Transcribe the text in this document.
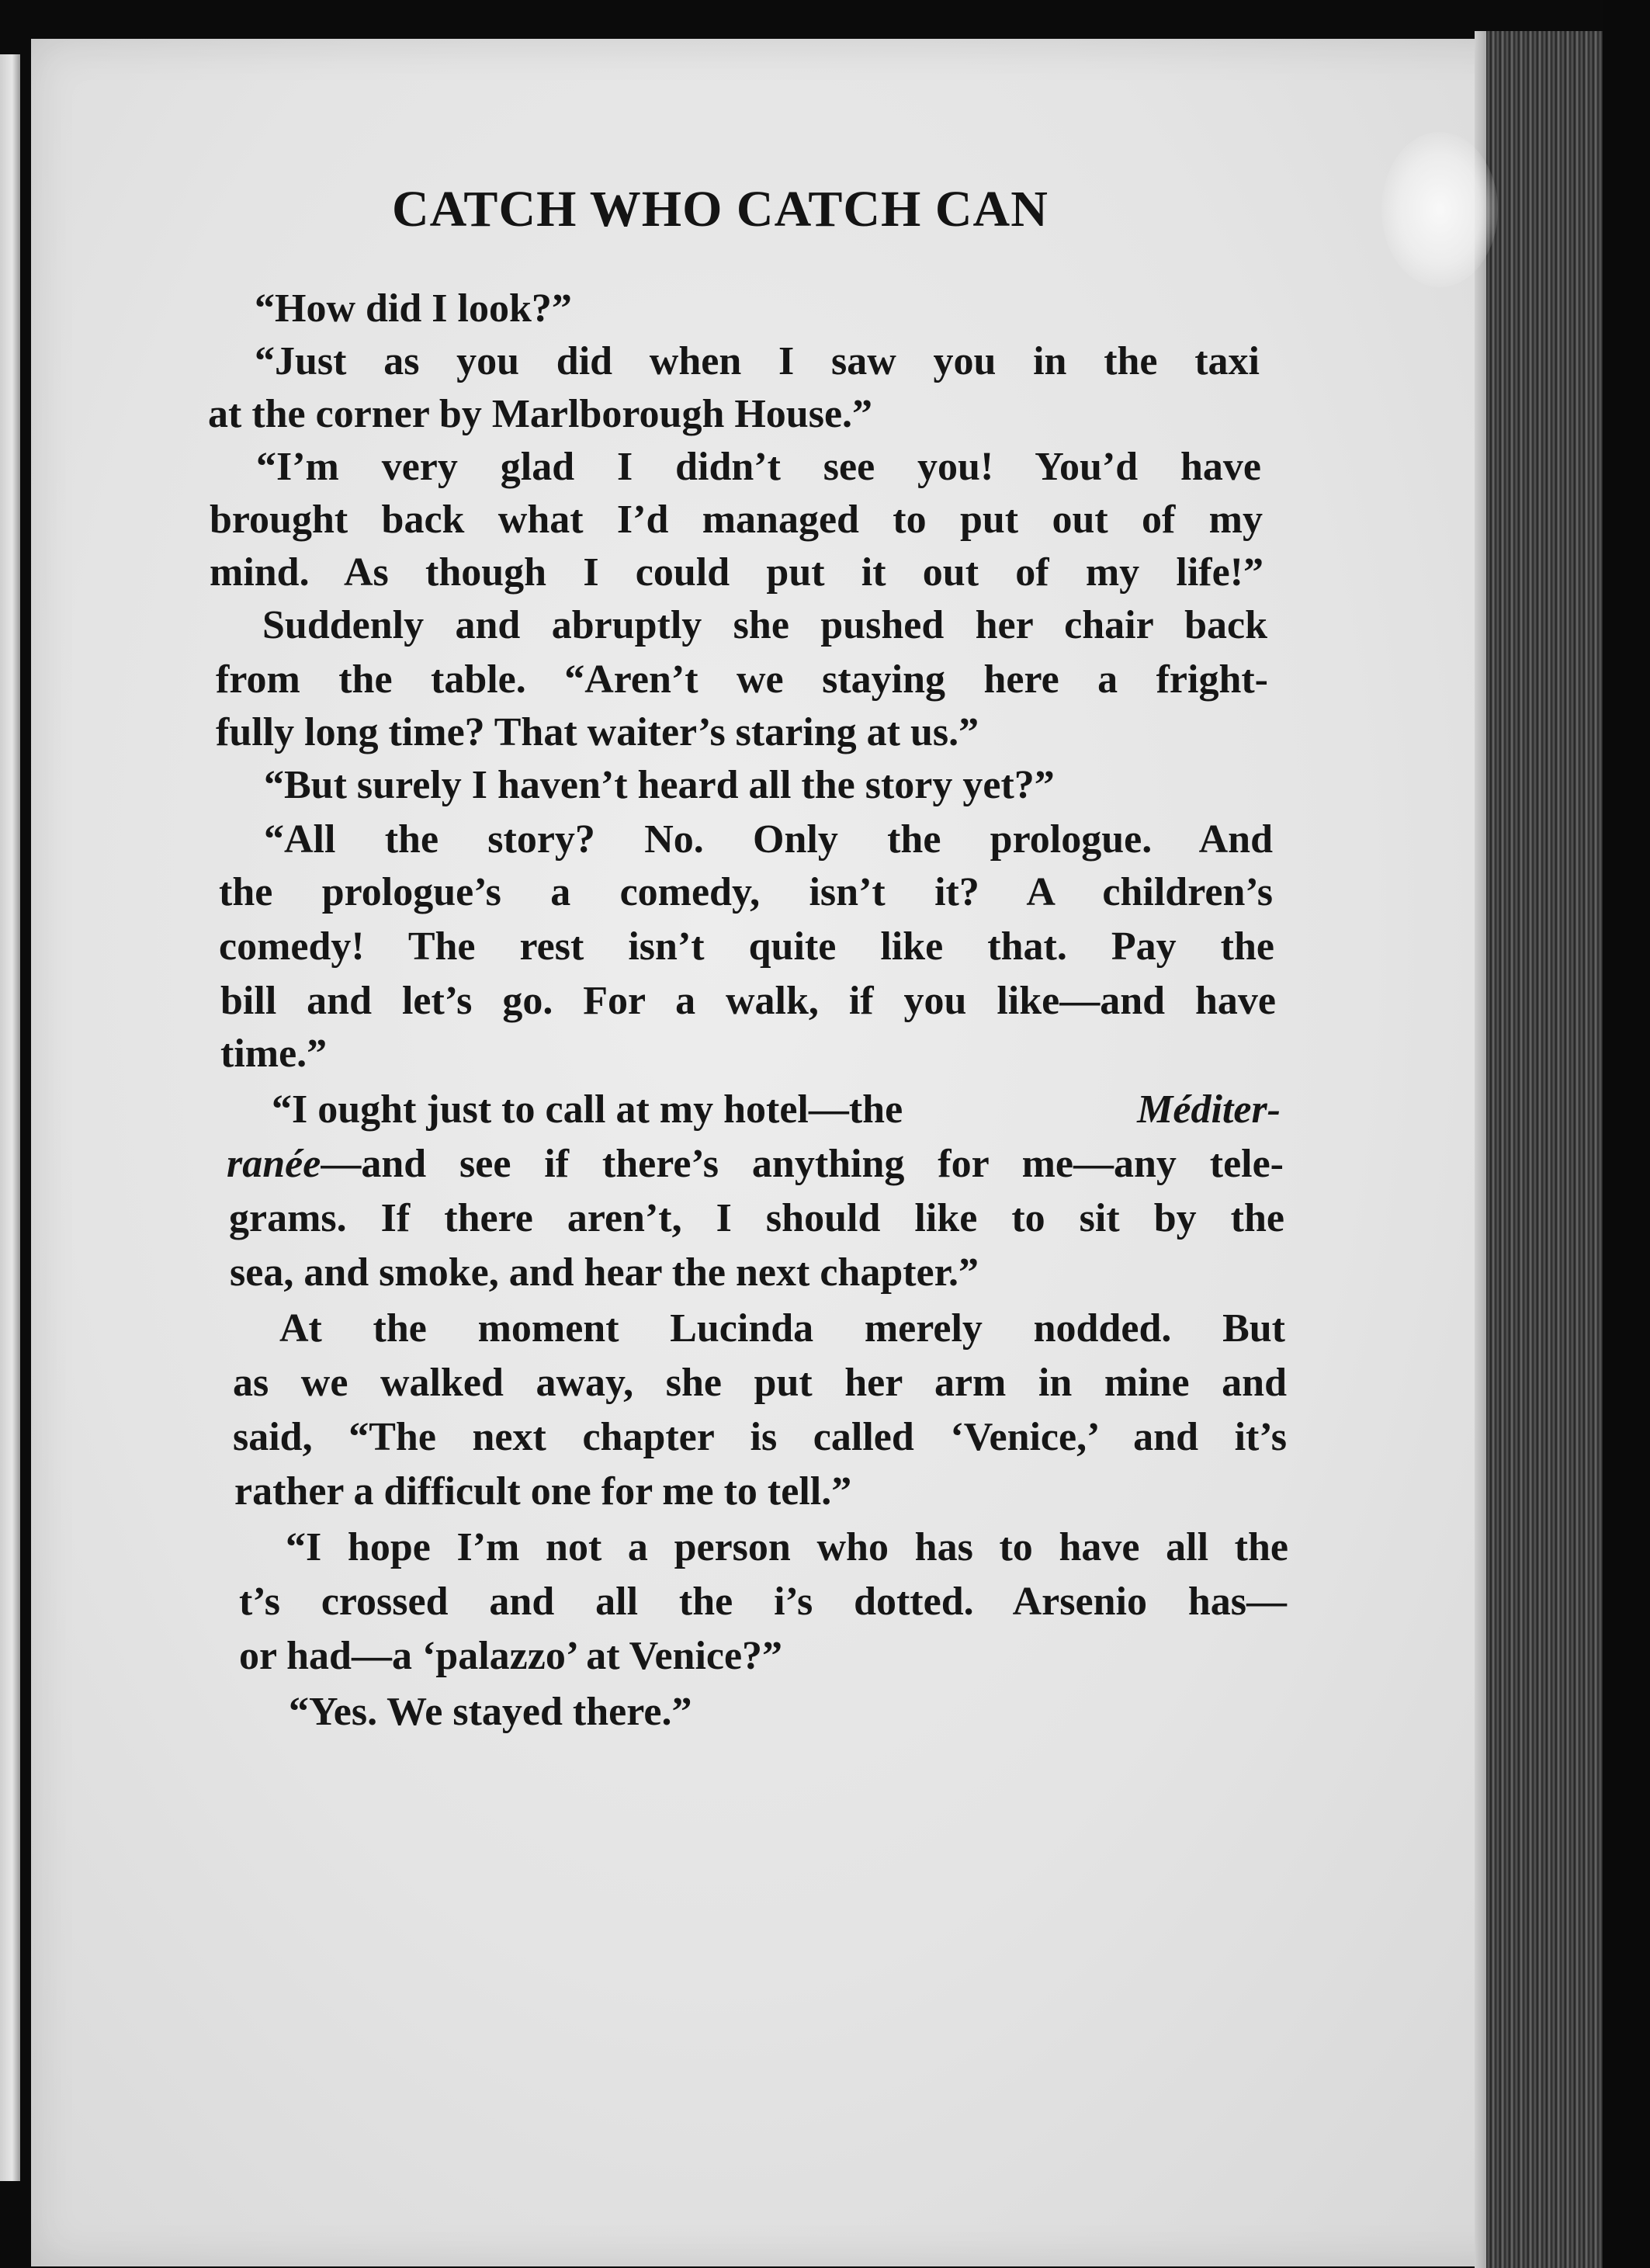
CATCH WHO CATCH CAN
“How did I look?”
“Just as you did when I saw you in the taxi
at the corner by Marlborough House.”
“I’m very glad I didn’t see you! You’d have
brought back what I’d managed to put out of my
mind. As though I could put it out of my life!”
Suddenly and abruptly she pushed her chair back
from the table. “Aren’t we staying here a fright-
fully long time? That waiter’s staring at us.”
“But surely I haven’t heard all the story yet?”
“All the story? No. Only the prologue. And
the prologue’s a comedy, isn’t it? A children’s
comedy! The rest isn’t quite like that. Pay the
bill and let’s go. For a walk, if you like—and have
time.”
“I ought just to call at my hotel—the	Méditer-
ranée —and see if there’s anything for me—any tele-
grams. If there aren’t, I should like to sit by the
sea, and smoke, and hear the next chapter.”
At the moment Lucinda merely nodded. But
as we walked away, she put her arm in mine and
said, “The next chapter is called ‘Venice,’ and it’s
rather a difficult one for me to tell.”
“I hope I’m not a person who has to have all the
t’s crossed and all the i’s dotted. Arsenio has—
or had—a ‘palazzo’ at Venice?”
“Yes. We stayed there.”
